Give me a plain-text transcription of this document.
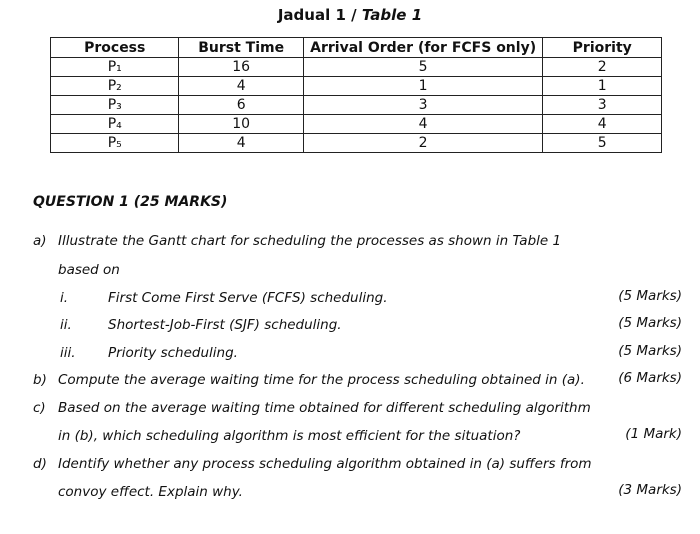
Jadual 1 / Table 1
Process	Burst Time	Arrival Order (for FCFS only)	Priority
P₁	16	5	2
P₂	4	1	1
P₃	6	3	3
P₄	10	4	4
P₅	4	2	5
QUESTION 1 (25 MARKS)
a) Illustrate the Gantt chart for scheduling the processes as shown in Table 1
based on
i.	First Come First Serve (FCFS) scheduling.	(5 Marks)
ii.	Shortest-Job-First (SJF) scheduling.	(5 Marks)
iii. Priority scheduling.	(5 Marks)
b) Compute the average waiting time for the process scheduling obtained in (a). (6 Marks)
c) Based on the average waiting time obtained for different scheduling algorithm
in (b), which scheduling algorithm is most efficient for the situation?	(1 Mark)
d) Identify whether any process scheduling algorithm obtained in (a) suffers from
convoy effect. Explain why.	(3 Marks)
